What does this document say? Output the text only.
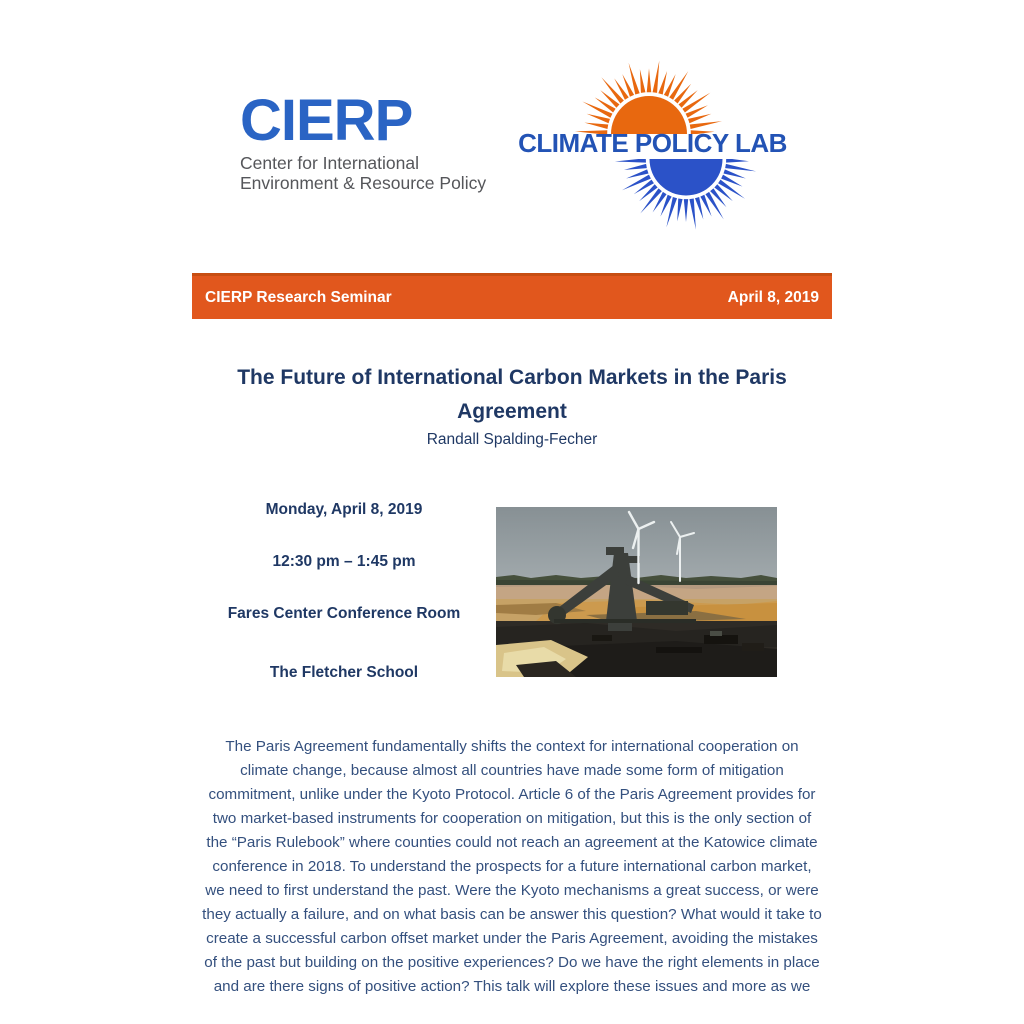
CIERP
Center for International
Environment & Resource Policy
CLIMATE POLICY LAB
CIERP Research Seminar	April 8, 2019
The Future of International Carbon Markets in the Paris Agreement
Randall Spalding-Fecher
Monday, April 8, 2019
12:30 pm – 1:45 pm
Fares Center Conference Room
The Fletcher School

The Paris Agreement fundamentally shifts the context for international cooperation on climate change, because almost all countries have made some form of mitigation commitment, unlike under the Kyoto Protocol. Article 6 of the Paris Agreement provides for two market-based instruments for cooperation on mitigation, but this is the only section of the “Paris Rulebook” where counties could not reach an agreement at the Katowice climate conference in 2018. To understand the prospects for a future international carbon market, we need to first understand the past. Were the Kyoto mechanisms a great success, or were they actually a failure, and on what basis can be answer this question? What would it take to create a successful carbon offset market under the Paris Agreement, avoiding the mistakes of the past but building on the positive experiences? Do we have the right elements in place and are there signs of positive action? This talk will explore these issues and more as we
